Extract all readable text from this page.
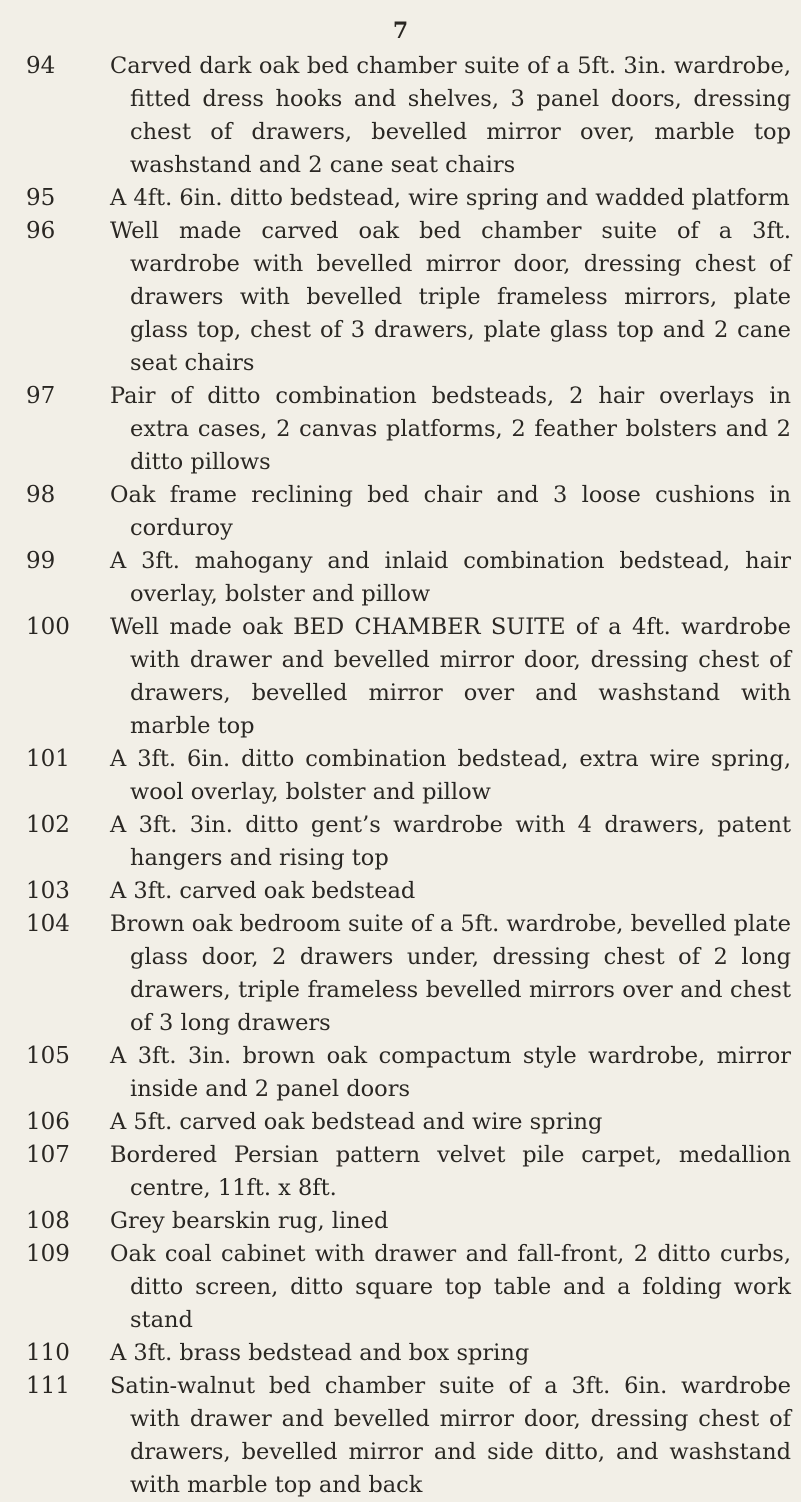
7
94	Carved dark oak bed chamber suite of a 5ft. 3in. wardrobe, fitted dress hooks and shelves, 3 panel doors, dressing chest of drawers, bevelled mirror over, marble top washstand and 2 cane seat chairs
95	A 4ft. 6in. ditto bedstead, wire spring and wadded platform
96	Well made carved oak bed chamber suite of a 3ft. wardrobe with bevelled mirror door, dressing chest of drawers with bevelled triple frameless mirrors, plate glass top, chest of 3 drawers, plate glass top and 2 cane seat chairs
97	Pair of ditto combination bedsteads, 2 hair overlays in extra cases, 2 canvas platforms, 2 feather bolsters and 2 ditto pillows
98	Oak frame reclining bed chair and 3 loose cushions in corduroy
99	A 3ft. mahogany and inlaid combination bedstead, hair overlay, bolster and pillow
100	Well made oak BED CHAMBER SUITE of a 4ft. wardrobe with drawer and bevelled mirror door, dressing chest of drawers, bevelled mirror over and washstand with marble top
101	A 3ft. 6in. ditto combination bedstead, extra wire spring, wool overlay, bolster and pillow
102	A 3ft. 3in. ditto gent’s wardrobe with 4 drawers, patent hangers and rising top
103	A 3ft. carved oak bedstead
104	Brown oak bedroom suite of a 5ft. wardrobe, bevelled plate glass door, 2 drawers under, dressing chest of 2 long drawers, triple frameless bevelled mirrors over and chest of 3 long drawers
105	A 3ft. 3in. brown oak compactum style wardrobe, mirror inside and 2 panel doors
106	A 5ft. carved oak bedstead and wire spring
107	Bordered Persian pattern velvet pile carpet, medallion centre, 11ft. x 8ft.
108	Grey bearskin rug, lined
109	Oak coal cabinet with drawer and fall-front, 2 ditto curbs, ditto screen, ditto square top table and a folding work stand
110	A 3ft. brass bedstead and box spring
111	Satin-walnut bed chamber suite of a 3ft. 6in. wardrobe with drawer and bevelled mirror door, dressing chest of drawers, bevelled mirror and side ditto, and washstand with marble top and back
